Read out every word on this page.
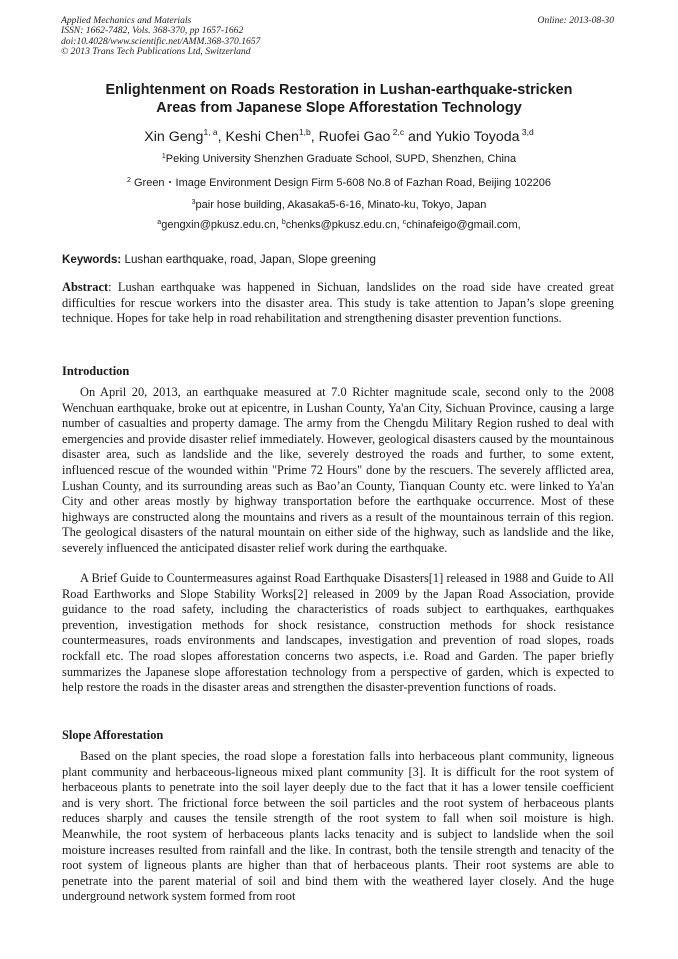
Applied Mechanics and Materials
ISSN: 1662-7482, Vols. 368-370, pp 1657-1662
doi:10.4028/www.scientific.net/AMM.368-370.1657
© 2013 Trans Tech Publications Ltd, Switzerland
Online: 2013-08-30
Enlightenment on Roads Restoration in Lushan-earthquake-stricken
Areas from Japanese Slope Afforestation Technology
Xin Geng$^{1, a}$, Keshi Chen$^{1,b}$, Ruofei Gao $^{2,c}$ and Yukio Toyoda $^{3,d}$
$^1$Peking University Shenzhen Graduate School, SUPD, Shenzhen, China
$^2$ Green・Image Environment Design Firm 5-608 No.8 of Fazhan Road, Beijing 102206
$^3$pair hose building, Akasaka5-6-16, Minato-ku, Tokyo, Japan
$^a$gengxin@pkusz.edu.cn, $^b$chenks@pkusz.edu.cn, $^c$chinafeigo@gmail.com,
Keywords: Lushan earthquake, road, Japan, Slope greening
Abstract: Lushan earthquake was happened in Sichuan, landslides on the road side have created great difficulties for rescue workers into the disaster area. This study is take attention to Japan’s slope greening technique. Hopes for take help in road rehabilitation and strengthening disaster prevention functions.
Introduction
On April 20, 2013, an earthquake measured at 7.0 Richter magnitude scale, second only to the 2008 Wenchuan earthquake, broke out at epicentre, in Lushan County, Ya'an City, Sichuan Province, causing a large number of casualties and property damage. The army from the Chengdu Military Region rushed to deal with emergencies and provide disaster relief immediately. However, geological disasters caused by the mountainous disaster area, such as landslide and the like, severely destroyed the roads and further, to some extent, influenced rescue of the wounded within "Prime 72 Hours" done by the rescuers. The severely afflicted area, Lushan County, and its surrounding areas such as Bao’an County, Tianquan County etc. were linked to Ya'an City and other areas mostly by highway transportation before the earthquake occurrence. Most of these highways are constructed along the mountains and rivers as a result of the mountainous terrain of this region. The geological disasters of the natural mountain on either side of the highway, such as landslide and the like, severely influenced the anticipated disaster relief work during the earthquake.
A Brief Guide to Countermeasures against Road Earthquake Disasters[1] released in 1988 and Guide to All Road Earthworks and Slope Stability Works[2] released in 2009 by the Japan Road Association, provide guidance to the road safety, including the characteristics of roads subject to earthquakes, earthquakes prevention, investigation methods for shock resistance, construction methods for shock resistance countermeasures, roads environments and landscapes, investigation and prevention of road slopes, roads rockfall etc. The road slopes afforestation concerns two aspects, i.e. Road and Garden. The paper briefly summarizes the Japanese slope afforestation technology from a perspective of garden, which is expected to help restore the roads in the disaster areas and strengthen the disaster-prevention functions of roads.
Slope Afforestation
Based on the plant species, the road slope a forestation falls into herbaceous plant community, ligneous plant community and herbaceous-ligneous mixed plant community [3]. It is difficult for the root system of herbaceous plants to penetrate into the soil layer deeply due to the fact that it has a lower tensile coefficient and is very short. The frictional force between the soil particles and the root system of herbaceous plants reduces sharply and causes the tensile strength of the root system to fall when soil moisture is high. Meanwhile, the root system of herbaceous plants lacks tenacity and is subject to landslide when the soil moisture increases resulted from rainfall and the like. In contrast, both the tensile strength and tenacity of the root system of ligneous plants are higher than that of herbaceous plants. Their root systems are able to penetrate into the parent material of soil and bind them with the weathered layer closely. And the huge underground network system formed from root
